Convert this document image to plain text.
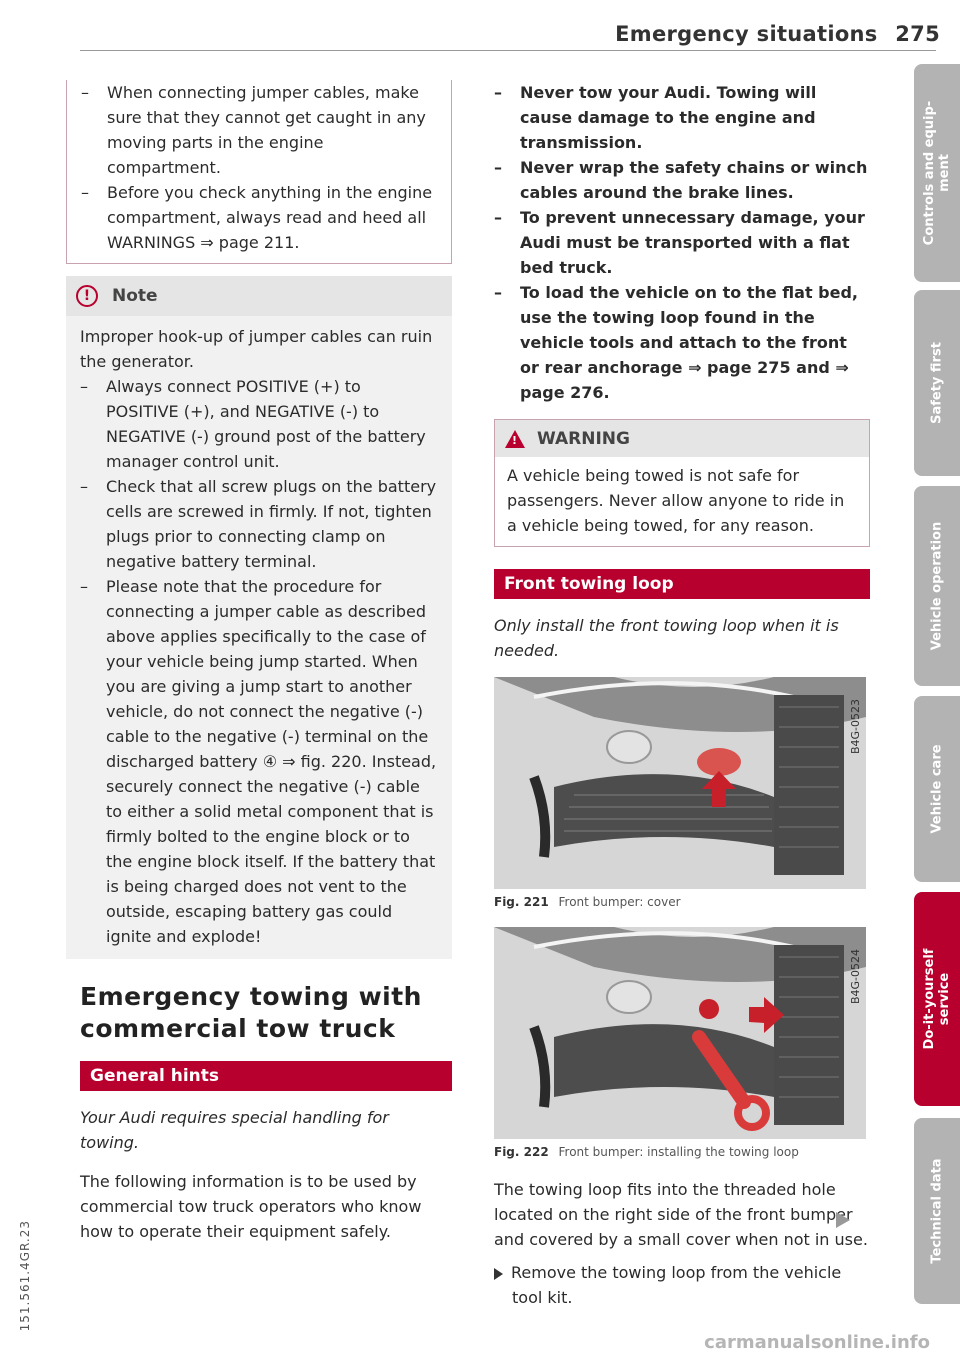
Emergency situations 275
– When connecting jumper cables, make sure that they cannot get caught in any moving parts in the engine compartment.
– Before you check anything in the engine compartment, always read and heed all WARNINGS ⇒ page 211.
!	Note

Improper hook-up of jumper cables can ruin the generator.

– Always connect POSITIVE (+) to POSITIVE (+), and NEGATIVE (-) to NEGATIVE (-) ground post of the battery manager control unit.
– Check that all screw plugs on the battery cells are screwed in firmly. If not, tighten plugs prior to connecting clamp on negative battery terminal.
– Please note that the procedure for connecting a jumper cable as described above applies specifically to the case of your vehicle being jump started. When you are giving a jump start to another vehicle, do not connect the negative (-) cable to the negative (-) terminal on the discharged battery ④ ⇒ fig. 220. Instead, securely connect the negative (-) cable to either a solid metal component that is firmly bolted to the engine block or to the engine block itself. If the battery that is being charged does not vent to the outside, escaping battery gas could ignite and explode!
Emergency towing with commercial tow truck
General hints

Your Audi requires special handling for towing.

The following information is to be used by commercial tow truck operators who know how to operate their equipment safely.

– Never tow your Audi. Towing will cause damage to the engine and transmission.
– Never wrap the safety chains or winch cables around the brake lines.
– To prevent unnecessary damage, your Audi must be transported with a flat bed truck.
– To load the vehicle on to the flat bed, use the towing loop found in the vehicle tools and attach to the front or rear anchorage ⇒ page 275 and ⇒ page 276.
! WARNING

A vehicle being towed is not safe for passengers. Never allow anyone to ride in a vehicle being towed, for any reason.

Front towing loop

Only install the front towing loop when it is needed.

B4G-0523
Fig. 221 Front bumper: cover
B4G-0524
Fig. 222 Front bumper: installing the towing loop

The towing loop fits into the threaded hole located on the right side of the front bumper and covered by a small cover when not in use.

Remove the towing loop from the vehicle tool kit.

Controls and equip-
ment
Safety first
Vehicle operation
Vehicle care
Do-it-yourself
service
Technical data
151.561.4GR.23
carmanualsonline.info
